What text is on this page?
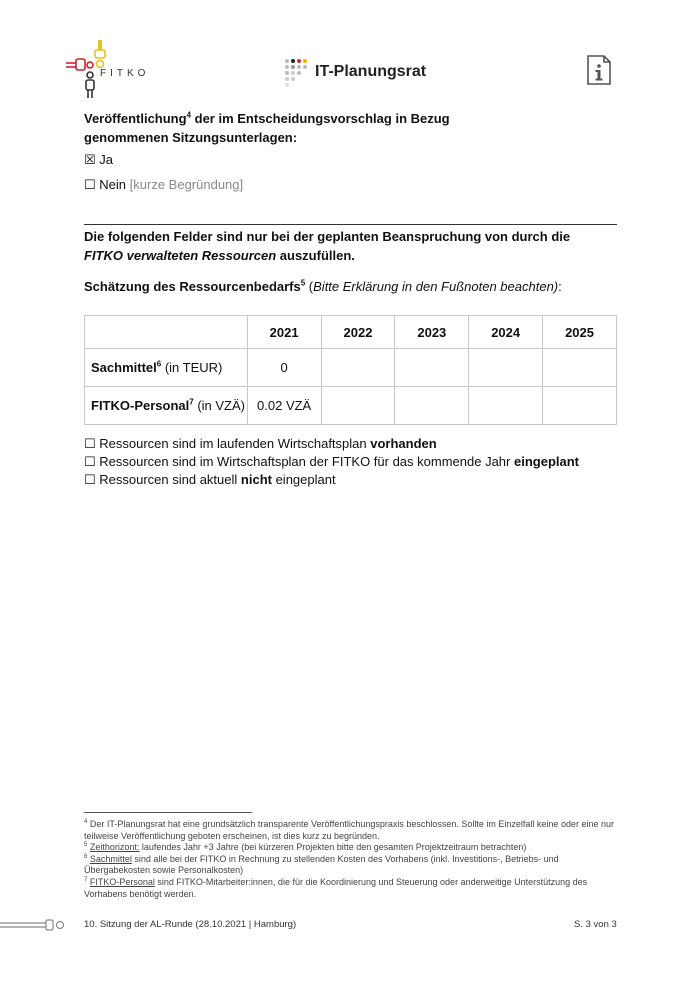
FITKO	IT-Planungsrat
Veröffentlichung$^4$ der im Entscheidungsvorschlag in Bezug genommenen Sitzungsunterlagen:
☒ Ja
☐ Nein [kurze Begründung]
Die folgenden Felder sind nur bei der geplanten Beanspruchung von durch die FITKO verwalteten Ressourcen auszufüllen.
Schätzung des Ressourcenbedarfs$^5$ (Bitte Erklärung in den Fußnoten beachten):
	2021	2022	2023	2024	2025
Sachmittel$^6$ (in TEUR)	0				
FITKO-Personal$^7$ (in VZÄ)	0.02 VZÄ				
☐ Ressourcen sind im laufenden Wirtschaftsplan vorhanden
☐ Ressourcen sind im Wirtschaftsplan der FITKO für das kommende Jahr eingeplant
☐ Ressourcen sind aktuell nicht eingeplant
$^4$ Der IT-Planungsrat hat eine grundsätzlich transparente Veröffentlichungspraxis beschlossen. Sollte im Einzelfall keine oder eine nur teilweise Veröffentlichung geboten erscheinen, ist dies kurz zu begründen.
$^5$ Zeithorizont: laufendes Jahr +3 Jahre (bei kürzeren Projekten bitte den gesamten Projektzeitraum betrachten)
$^6$ Sachmittel sind alle bei der FITKO in Rechnung zu stellenden Kosten des Vorhabens (inkl. Investitions-, Betriebs- und Übergabekosten sowie Personalkosten)
$^7$ FITKO-Personal sind FITKO-Mitarbeiter:innen, die für die Koordinierung und Steuerung oder anderweitige Unterstützung des Vorhabens benötigt werden.
10. Sitzung der AL-Runde (28.10.2021 | Hamburg)	S. 3 von 3
